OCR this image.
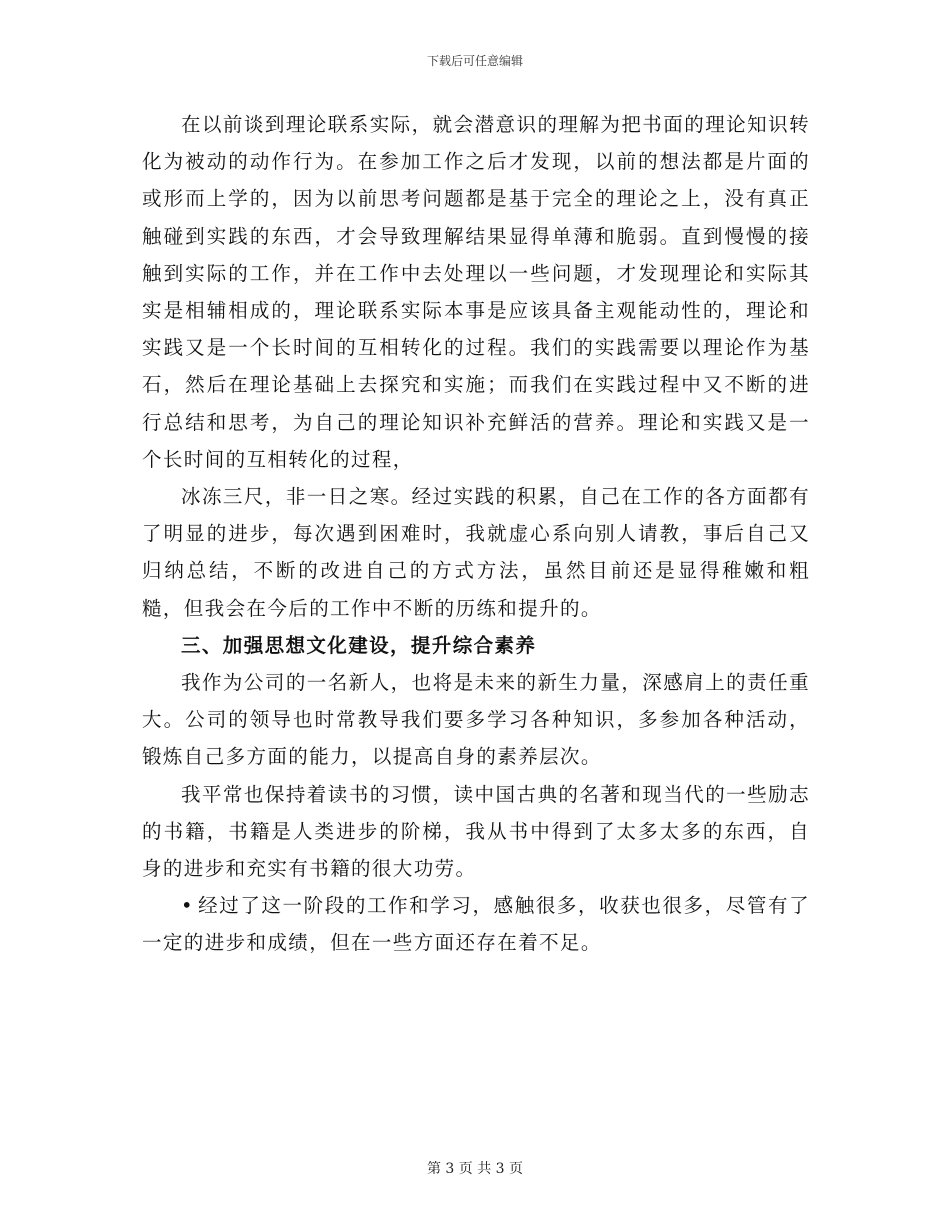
下载后可任意编辑

在以前谈到理论联系实际，就会潜意识的理解为把书面的理论知识转化为被动的动作行为。在参加工作之后才发现，以前的想法都是片面的或形而上学的，因为以前思考问题都是基于完全的理论之上，没有真正触碰到实践的东西，才会导致理解结果显得单薄和脆弱。直到慢慢的接触到实际的工作，并在工作中去处理以一些问题，才发现理论和实际其实是相辅相成的，理论联系实际本事是应该具备主观能动性的，理论和实践又是一个长时间的互相转化的过程。我们的实践需要以理论作为基石，然后在理论基础上去探究和实施；而我们在实践过程中又不断的进行总结和思考，为自己的理论知识补充鲜活的营养。理论和实践又是一个长时间的互相转化的过程，

冰冻三尺，非一日之寒。经过实践的积累，自己在工作的各方面都有了明显的进步，每次遇到困难时，我就虚心系向别人请教，事后自己又归纳总结，不断的改进自己的方式方法，虽然目前还是显得稚嫩和粗糙，但我会在今后的工作中不断的历练和提升的。

三、加强思想文化建设，提升综合素养

我作为公司的一名新人，也将是未来的新生力量，深感肩上的责任重大。公司的领导也时常教导我们要多学习各种知识，多参加各种活动，锻炼自己多方面的能力，以提高自身的素养层次。

我平常也保持着读书的习惯，读中国古典的名著和现当代的一些励志的书籍，书籍是人类进步的阶梯，我从书中得到了太多太多的东西，自身的进步和充实有书籍的很大功劳。

• 经过了这一阶段的工作和学习，感触很多，收获也很多，尽管有了一定的进步和成绩，但在一些方面还存在着不足。

第 3 页 共 3 页
